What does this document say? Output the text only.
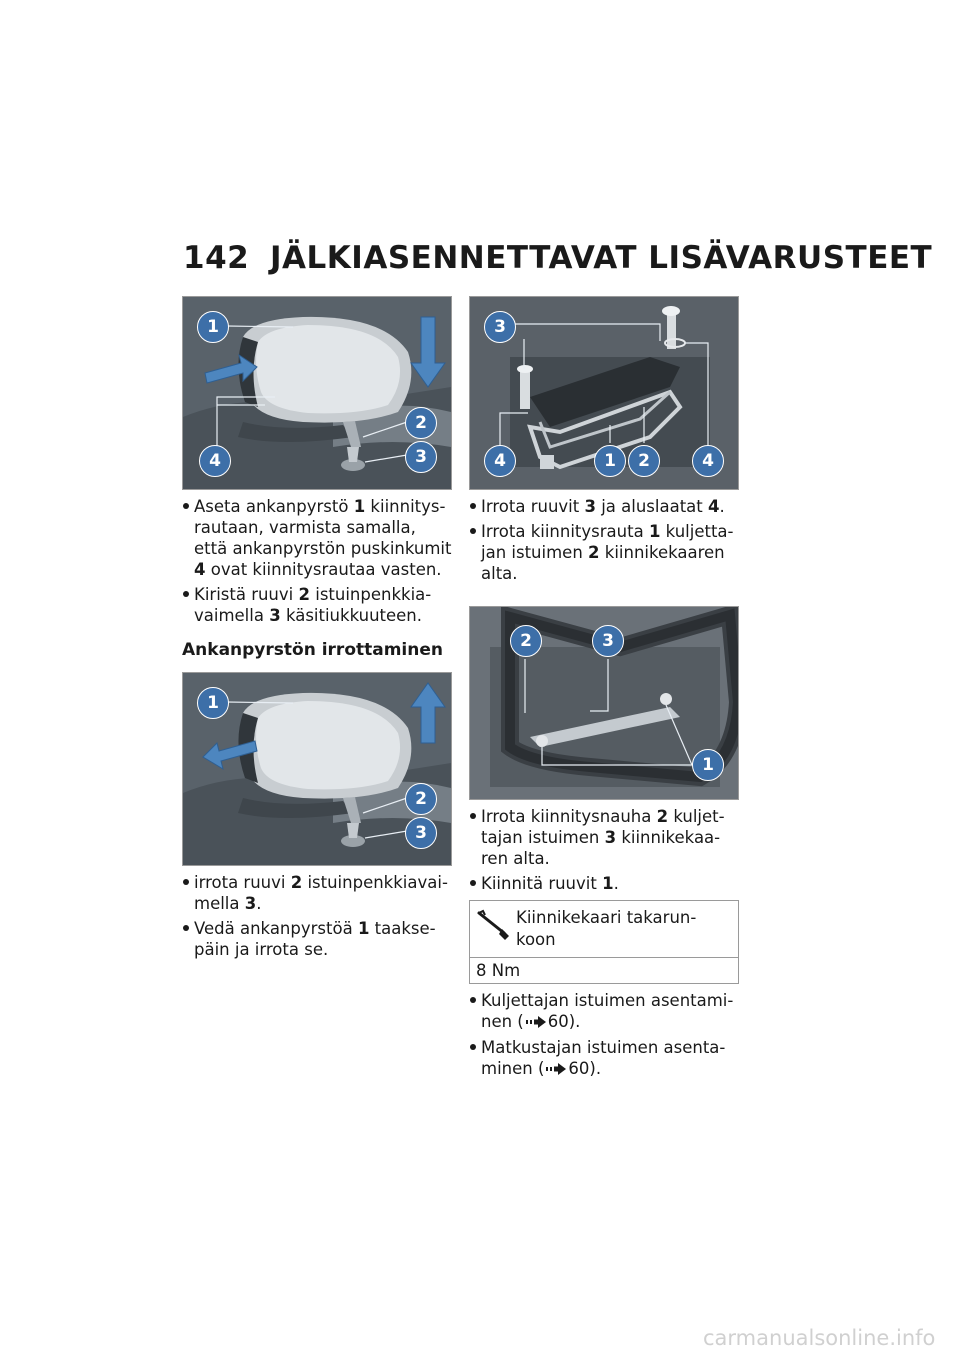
142 JÄLKIASENNETTAVAT LISÄVARUSTEET
1
4
2
3
Aseta ankanpyrstö 1 kiinnitys-rautaan, varmista samalla, että ankanpyrstön puskinkumit 4 ovat kiinnitysrautaa vasten.
Kiristä ruuvi 2 istuinpenkkia-vaimella 3 käsitiukkuuteen.
Ankanpyrstön irrottaminen
1
2
3
irrota ruuvi 2 istuinpenkkiavai-mella 3.
Vedä ankanpyrstöä 1 taakse-päin ja irrota se.
3
4	1	2	4
Irrota ruuvit 3 ja aluslaatat 4.
Irrota kiinnitysrauta 1 kuljetta-jan istuimen 2 kiinnikekaaren alta.
2	3
1
Irrota kiinnitysnauha 2 kuljet-tajan istuimen 3 kiinnikekaa-ren alta.
Kiinnitä ruuvit 1.
Kiinnikekaari takarun-koon
8 Nm
Kuljettajan istuimen asentami-nen ( 60).
Matkustajan istuimen asenta-minen ( 60).
carmanualsonline.info
